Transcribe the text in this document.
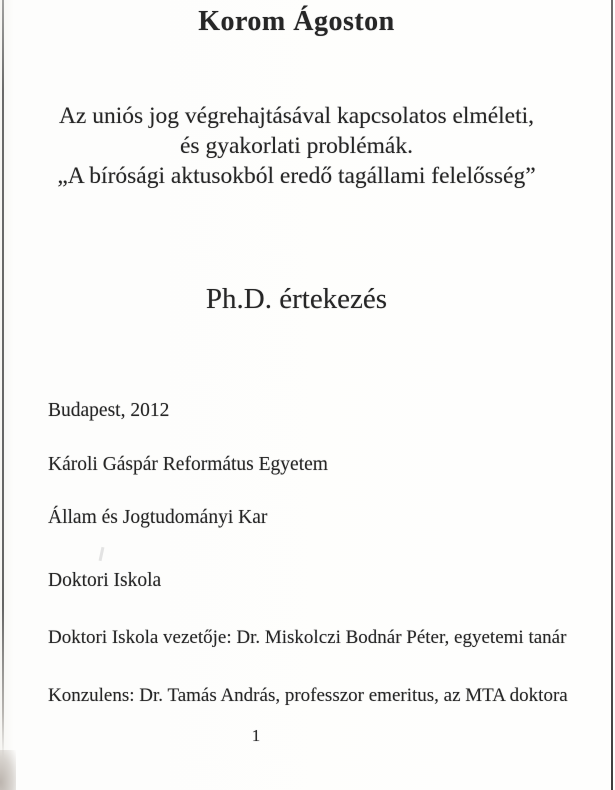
Korom Ágoston
Az uniós jog végrehajtásával kapcsolatos elméleti,
és gyakorlati problémák.
„A bírósági aktusokból eredő tagállami felelősség”
Ph.D. értekezés
Budapest, 2012
Károli Gáspár Református Egyetem
Állam és Jogtudományi Kar
Doktori Iskola
Doktori Iskola vezetője: Dr. Miskolczi Bodnár Péter, egyetemi tanár
Konzulens: Dr. Tamás András, professzor emeritus, az MTA doktora
1
